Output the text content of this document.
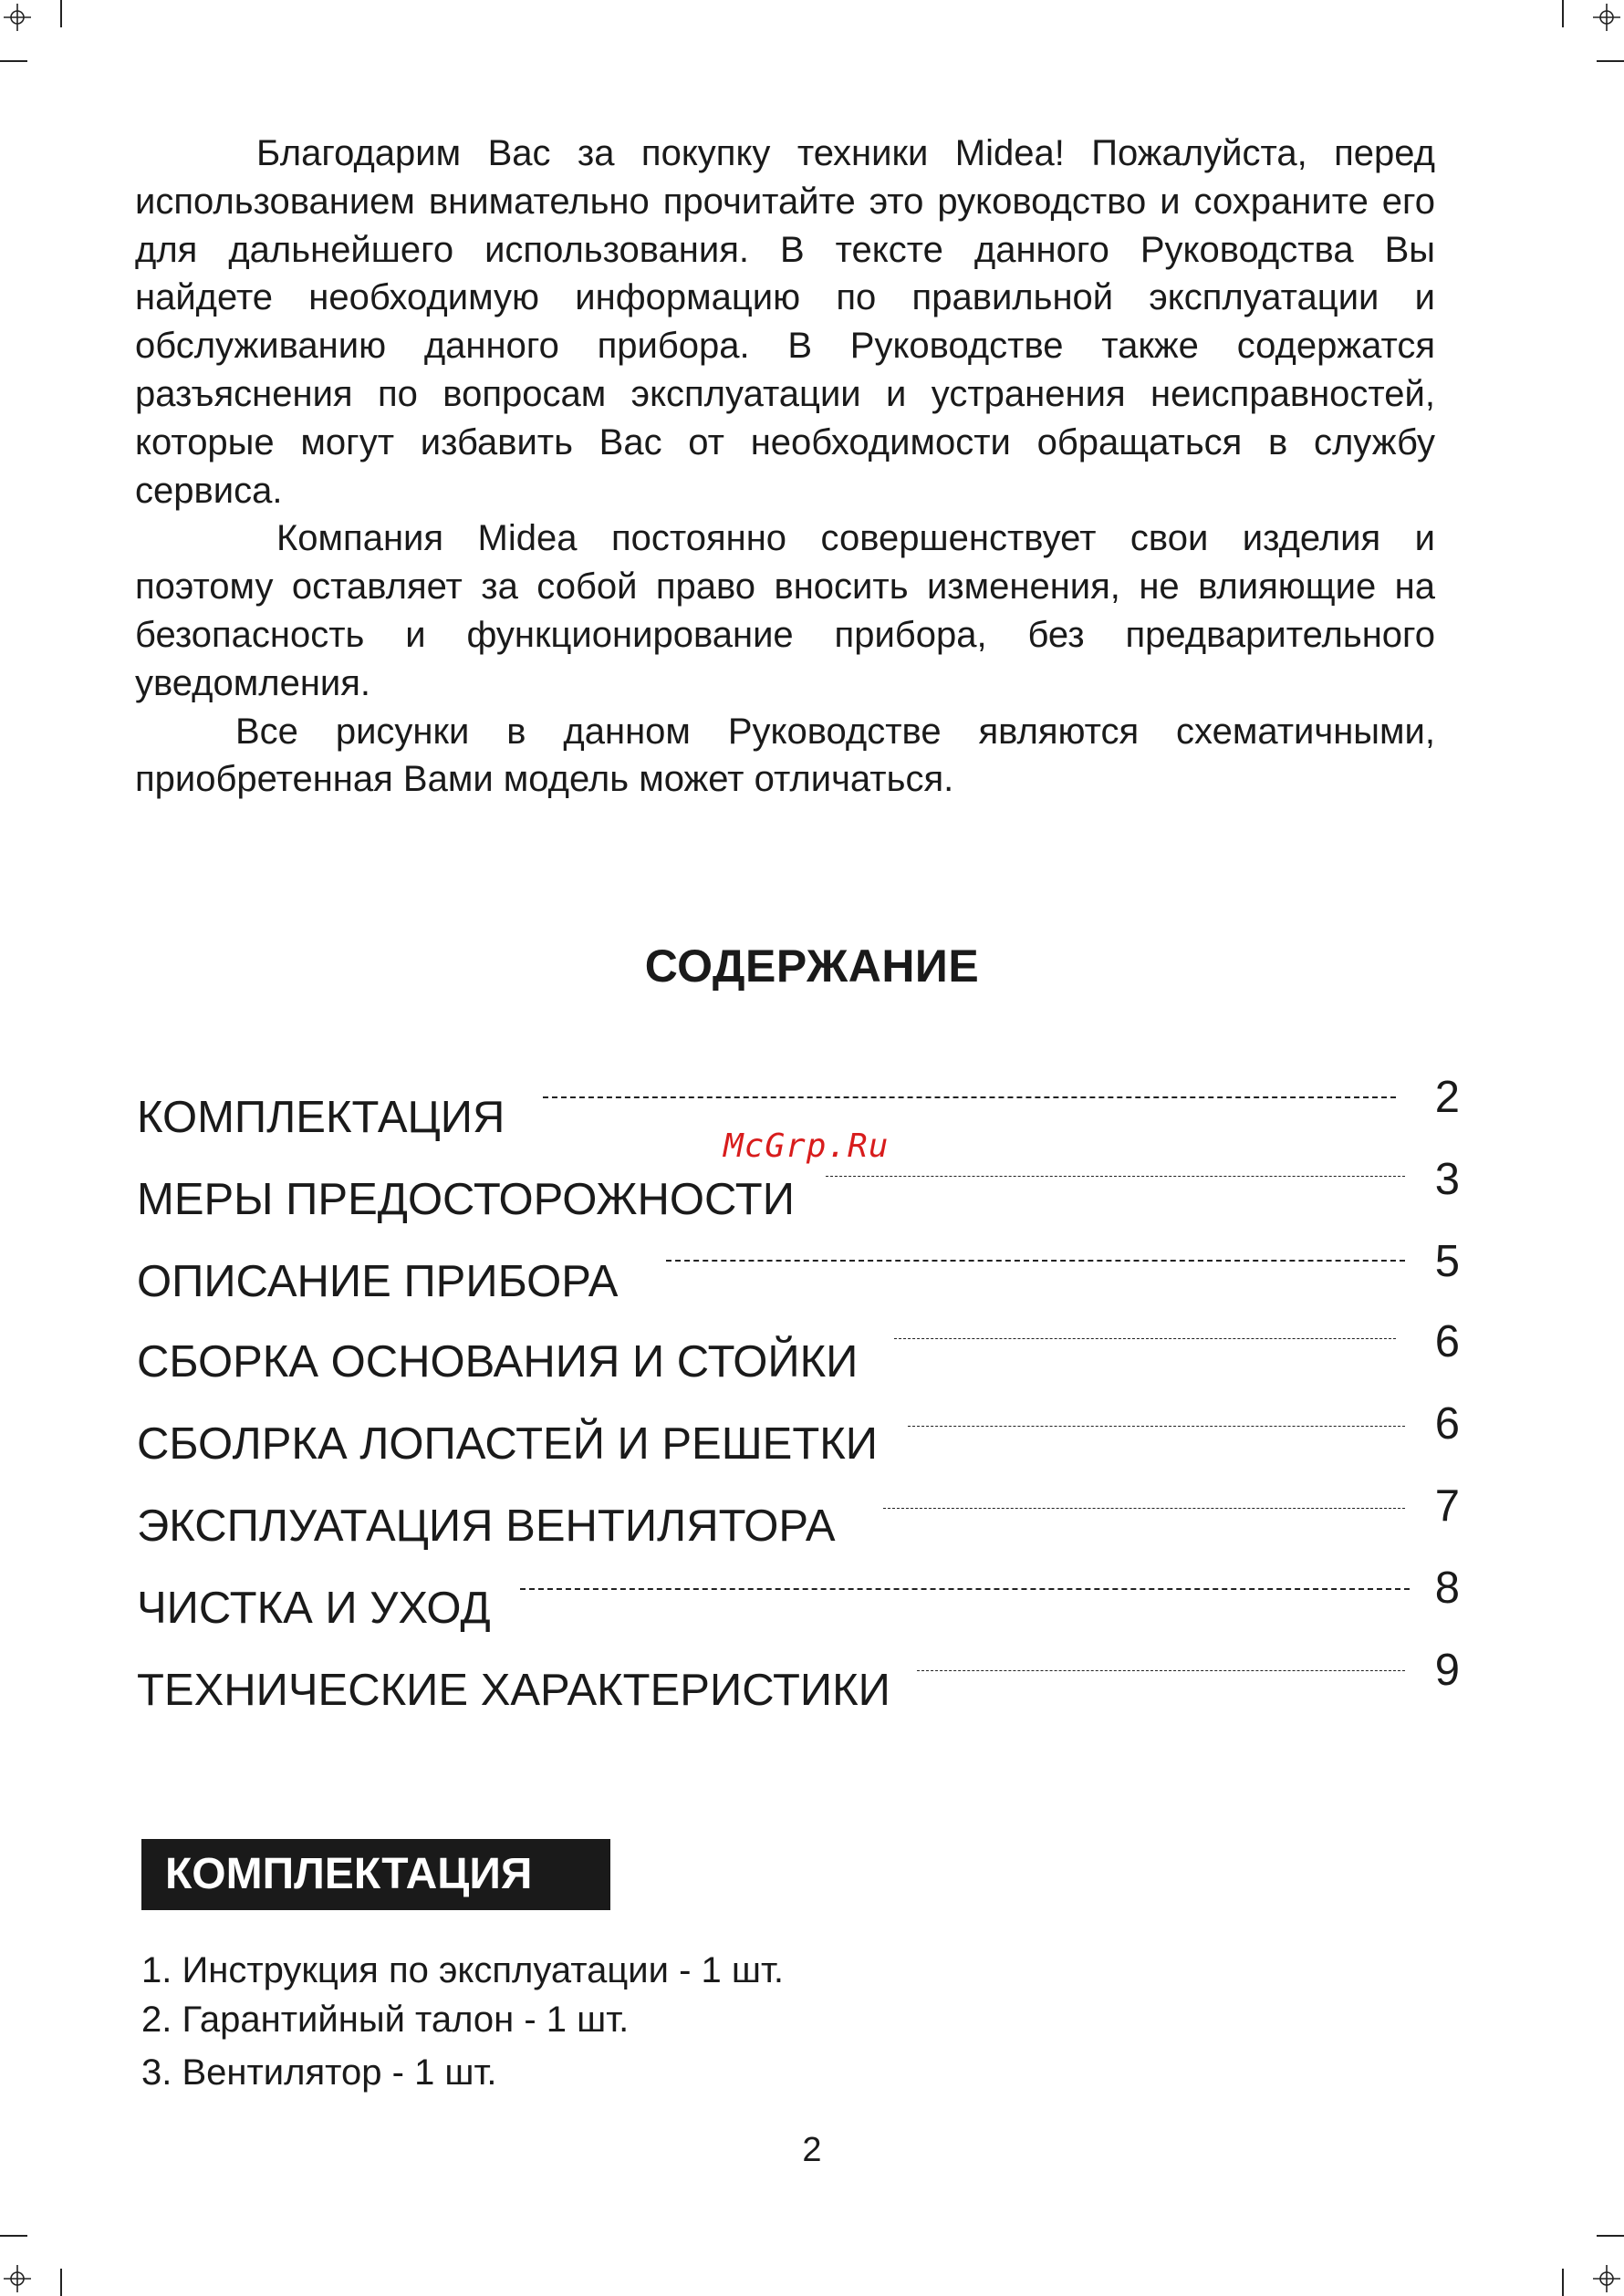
Благодарим Вас за покупку техники Midea! Пожалуйста, перед использованием внимательно прочитайте это руководство и сохраните его для дальнейшего использования. В тексте данного Руководства Вы найдете необходимую информацию по правильной эксплуатации и обслуживанию данного прибора. В Руководстве также содержатся разъяснения по вопросам эксплуатации и устранения неисправностей, которые могут избавить Вас от необходимости обращаться в службу сервиса.

Компания Midea постоянно совершенствует свои изделия и поэтому оставляет за собой право вносить изменения, не влияющие на безопасность и функционирование прибора, без предварительного уведомления.

Все рисунки в данном Руководстве являются схематичными, приобретенная Вами модель может отличаться.

СОДЕРЖАНИЕ
КОМПЛЕКТАЦИЯ	2
МЕРЫ ПРЕДОСТОРОЖНОСТИ	3
ОПИСАНИЕ ПРИБОРА	5
СБОРКА ОСНОВАНИЯ И СТОЙКИ	6
СБОЛРКА ЛОПАСТЕЙ И РЕШЕТКИ	6
ЭКСПЛУАТАЦИЯ ВЕНТИЛЯТОРА	7
ЧИСТКА И УХОД	8
ТЕХНИЧЕСКИЕ ХАРАКТЕРИСТИКИ	9
McGrp.Ru
КОМПЛЕКТАЦИЯ
1. Инструкция по эксплуатации - 1 шт.
2. Гарантийный талон - 1 шт.
3. Вентилятор - 1 шт.
2
